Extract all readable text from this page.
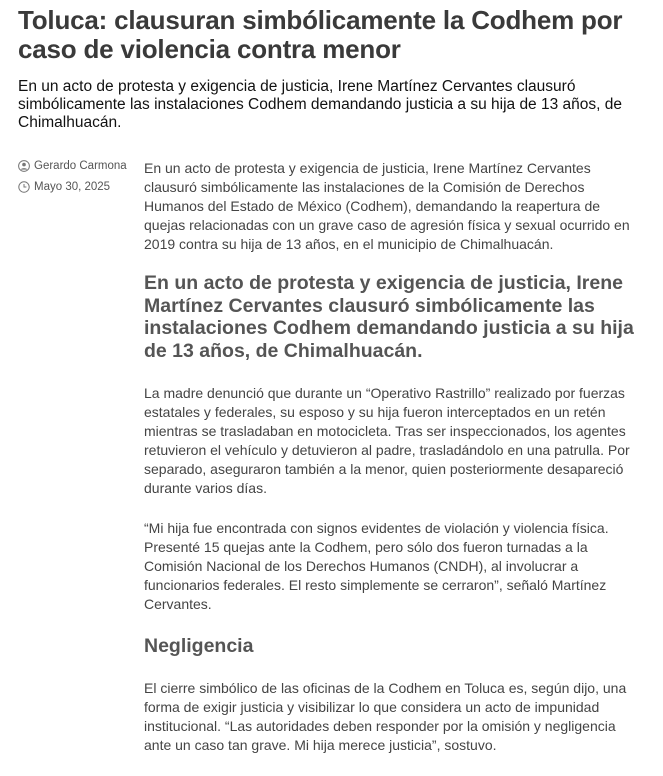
Toluca: clausuran simbólicamente la Codhem por caso de violencia contra menor

En un acto de protesta y exigencia de justicia, Irene Martínez Cervantes clausuró simbólicamente las instalaciones Codhem demandando justicia a su hija de 13 años, de Chimalhuacán.

Gerardo Carmona
Mayo 30, 2025

En un acto de protesta y exigencia de justicia, Irene Martínez Cervantes clausuró simbólicamente las instalaciones de la Comisión de Derechos Humanos del Estado de México (Codhem), demandando la reapertura de quejas relacionadas con un grave caso de agresión física y sexual ocurrido en 2019 contra su hija de 13 años, en el municipio de Chimalhuacán.

En un acto de protesta y exigencia de justicia, Irene Martínez Cervantes clausuró simbólicamente las instalaciones Codhem demandando justicia a su hija de 13 años, de Chimalhuacán.

La madre denunció que durante un “Operativo Rastrillo” realizado por fuerzas estatales y federales, su esposo y su hija fueron interceptados en un retén mientras se trasladaban en motocicleta. Tras ser inspeccionados, los agentes retuvieron el vehículo y detuvieron al padre, trasladándolo en una patrulla. Por separado, aseguraron también a la menor, quien posteriormente desapareció durante varios días.

“Mi hija fue encontrada con signos evidentes de violación y violencia física. Presenté 15 quejas ante la Codhem, pero sólo dos fueron turnadas a la Comisión Nacional de los Derechos Humanos (CNDH), al involucrar a funcionarios federales. El resto simplemente se cerraron”, señaló Martínez Cervantes.

Negligencia

El cierre simbólico de las oficinas de la Codhem en Toluca es, según dijo, una forma de exigir justicia y visibilizar lo que considera un acto de impunidad institucional. “Las autoridades deben responder por la omisión y negligencia ante un caso tan grave. Mi hija merece justicia”, sostuvo.
